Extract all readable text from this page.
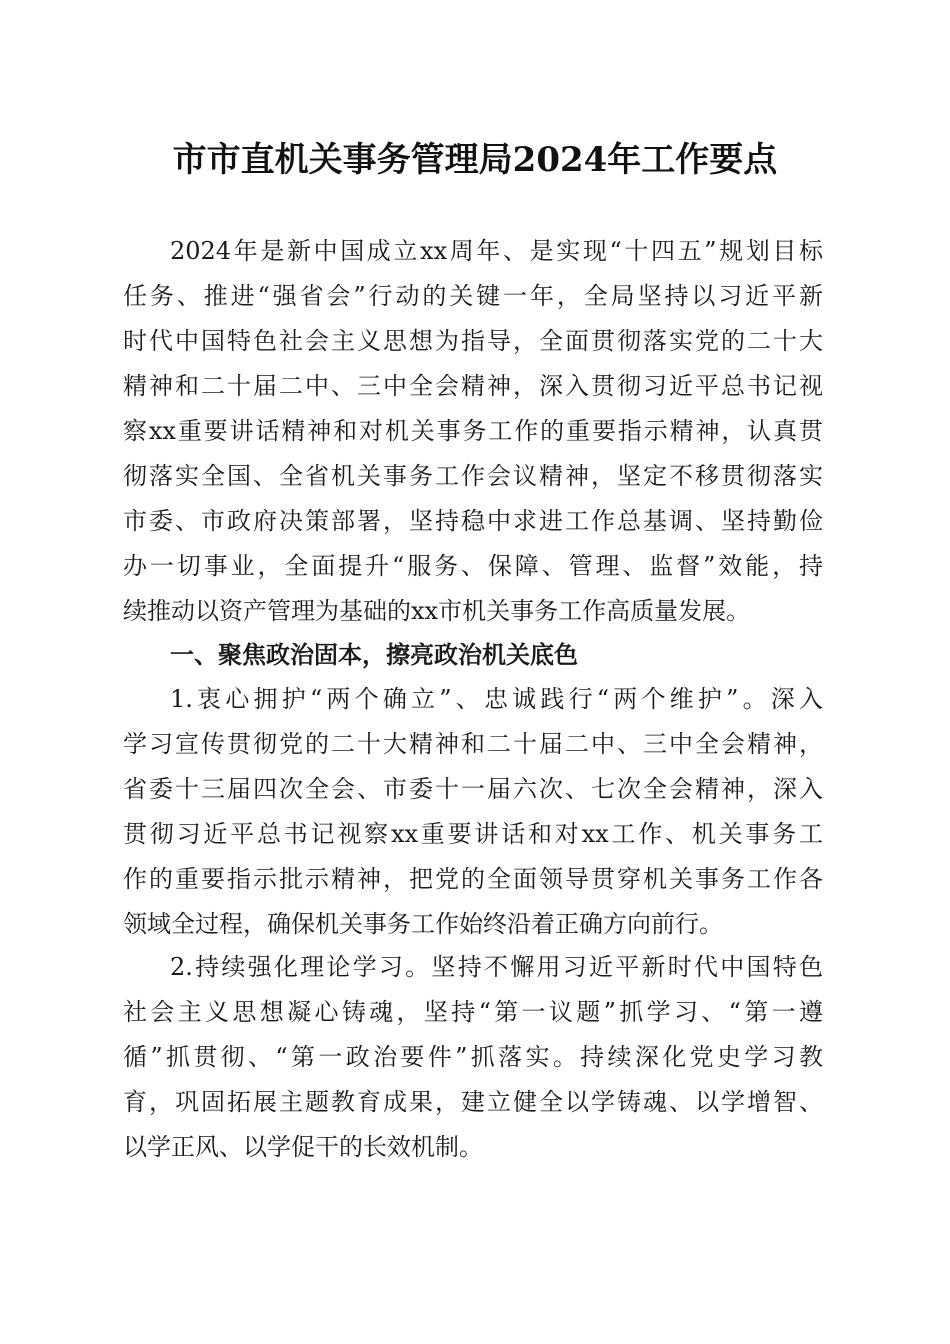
市市直机关事务管理局2024年工作要点
2024年是新中国成立xx周年、是实现“十四五”规划目标
任务、推进“强省会”行动的关键一年，全局坚持以习近平新
时代中国特色社会主义思想为指导，全面贯彻落实党的二十大
精神和二十届二中、三中全会精神，深入贯彻习近平总书记视
察xx重要讲话精神和对机关事务工作的重要指示精神，认真贯
彻落实全国、全省机关事务工作会议精神，坚定不移贯彻落实
市委、市政府决策部署，坚持稳中求进工作总基调、坚持勤俭
办一切事业，全面提升“服务、保障、管理、监督”效能，持
续推动以资产管理为基础的xx市机关事务工作高质量发展。
一、聚焦政治固本，擦亮政治机关底色
1.衷心拥护“两个确立”、忠诚践行“两个维护”。深入
学习宣传贯彻党的二十大精神和二十届二中、三中全会精神，
省委十三届四次全会、市委十一届六次、七次全会精神，深入
贯彻习近平总书记视察xx重要讲话和对xx工作、机关事务工
作的重要指示批示精神，把党的全面领导贯穿机关事务工作各
领域全过程，确保机关事务工作始终沿着正确方向前行。
2.持续强化理论学习。坚持不懈用习近平新时代中国特色
社会主义思想凝心铸魂，坚持“第一议题”抓学习、“第一遵
循”抓贯彻、“第一政治要件”抓落实。持续深化党史学习教
育，巩固拓展主题教育成果，建立健全以学铸魂、以学增智、
以学正风、以学促干的长效机制。
